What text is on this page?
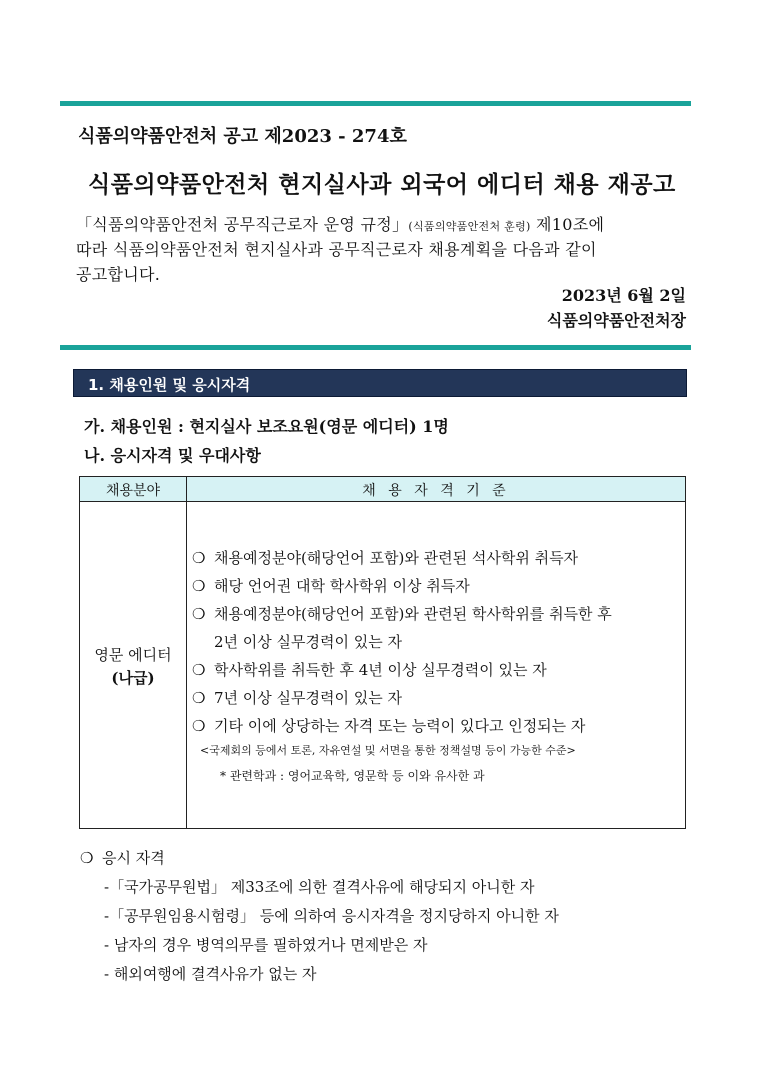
식품의약품안전처 공고 제2023 - 274호
식품의약품안전처 현지실사과 외국어 에디터 채용 재공고
「식품의약품안전처 공무직근로자 운영 규정」(식품의약품안전처 훈령) 제10조에
따라 식품의약품안전처 현지실사과 공무직근로자 채용계획을 다음과 같이
공고합니다.
2023년 6월 2일
식품의약품안전처장
1. 채용인원 및 응시자격
가. 채용인원 : 현지실사 보조요원(영문 에디터) 1명
나. 응시자격 및 우대사항
채용분야	채 용 자 격 기 준
영문 에디터
(나급)
❍ 채용예정분야(해당언어 포함)와 관련된 석사학위 취득자
❍ 해당 언어권 대학 학사학위 이상 취득자
❍ 채용예정분야(해당언어 포함)와 관련된 학사학위를 취득한 후
2년 이상 실무경력이 있는 자
❍ 학사학위를 취득한 후 4년 이상 실무경력이 있는 자
❍ 7년 이상 실무경력이 있는 자
❍ 기타 이에 상당하는 자격 또는 능력이 있다고 인정되는 자
<국제회의 등에서 토론, 자유연설 및 서면을 통한 정책설명 등이 가능한 수준>
* 관련학과 : 영어교육학, 영문학 등 이와 유사한 과
❍ 응시 자격
-「국가공무원법」 제33조에 의한 결격사유에 해당되지 아니한 자
-「공무원임용시험령」 등에 의하여 응시자격을 정지당하지 아니한 자
- 남자의 경우 병역의무를 필하였거나 면제받은 자
- 해외여행에 결격사유가 없는 자
